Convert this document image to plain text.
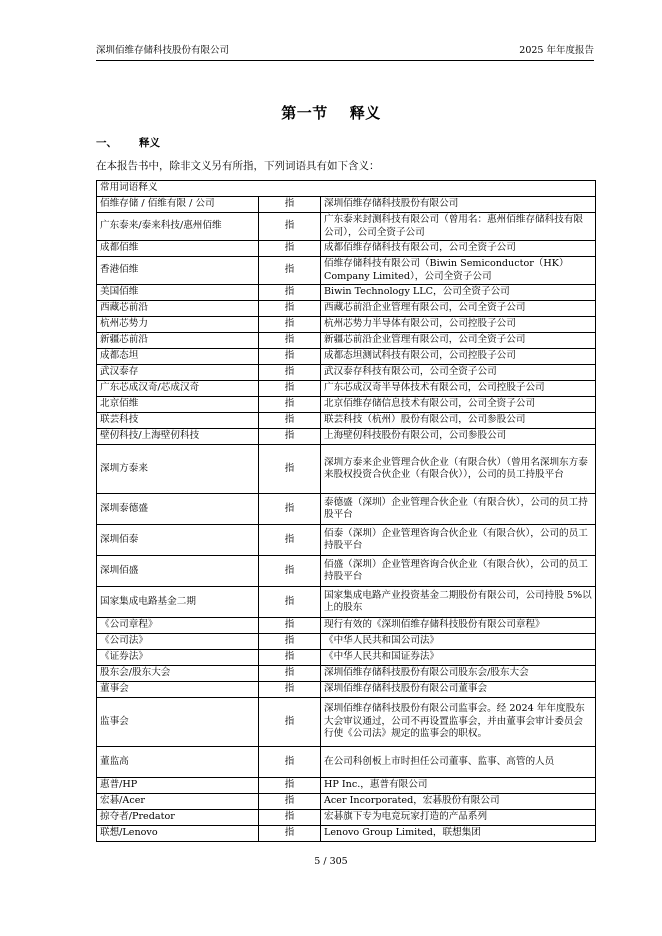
深圳佰维存储科技股份有限公司	2025 年年度报告
第一节 释义
一、 释义
在本报告书中，除非文义另有所指，下列词语具有如下含义：
常用词语释义		
佰维存储 / 佰维有限 / 公司	指	深圳佰维存储科技股份有限公司
广东泰来/泰来科技/惠州佰维	指	广东泰来封测科技有限公司（曾用名：惠州佰维存储科技有限公司），公司全资子公司
成都佰维	指	成都佰维存储科技有限公司，公司全资子公司
香港佰维	指	佰维存储科技有限公司（Biwin Semiconductor（HK）Company Limited），公司全资子公司
美国佰维	指	Biwin Technology LLC，公司全资子公司
西藏芯前沿	指	西藏芯前沿企业管理有限公司，公司全资子公司
杭州芯势力	指	杭州芯势力半导体有限公司，公司控股子公司
新疆芯前沿	指	新疆芯前沿企业管理有限公司，公司全资子公司
成都态坦	指	成都态坦测试科技有限公司，公司控股子公司
武汉泰存	指	武汉泰存科技有限公司，公司全资子公司
广东芯成汉奇/芯成汉奇	指	广东芯成汉奇半导体技术有限公司，公司控股子公司
北京佰维	指	北京佰维存储信息技术有限公司，公司全资子公司
联芸科技	指	联芸科技（杭州）股份有限公司，公司参股公司
壁仞科技/上海壁仞科技	指	上海壁仞科技股份有限公司，公司参股公司
深圳方泰来	指	深圳方泰来企业管理合伙企业（有限合伙）（曾用名深圳东方泰来股权投资合伙企业（有限合伙）），公司的员工持股平台
深圳泰德盛	指	泰德盛（深圳）企业管理合伙企业（有限合伙），公司的员工持股平台
深圳佰泰	指	佰泰（深圳）企业管理咨询合伙企业（有限合伙），公司的员工持股平台
深圳佰盛	指	佰盛（深圳）企业管理咨询合伙企业（有限合伙），公司的员工持股平台
国家集成电路基金二期	指	国家集成电路产业投资基金二期股份有限公司，公司持股 5%以上的股东
《公司章程》	指	现行有效的《深圳佰维存储科技股份有限公司章程》
《公司法》	指	《中华人民共和国公司法》
《证券法》	指	《中华人民共和国证券法》
股东会/股东大会	指	深圳佰维存储科技股份有限公司股东会/股东大会
董事会	指	深圳佰维存储科技股份有限公司董事会
监事会	指	深圳佰维存储科技股份有限公司监事会。经 2024 年年度股东大会审议通过，公司不再设置监事会，并由董事会审计委员会行使《公司法》规定的监事会的职权。
董监高	指	在公司科创板上市时担任公司董事、监事、高管的人员
惠普/HP	指	HP Inc.，惠普有限公司
宏碁/Acer	指	Acer Incorporated，宏碁股份有限公司
掠夺者/Predator	指	宏碁旗下专为电竞玩家打造的产品系列
联想/Lenovo	指	Lenovo Group Limited，联想集团
5 / 305
